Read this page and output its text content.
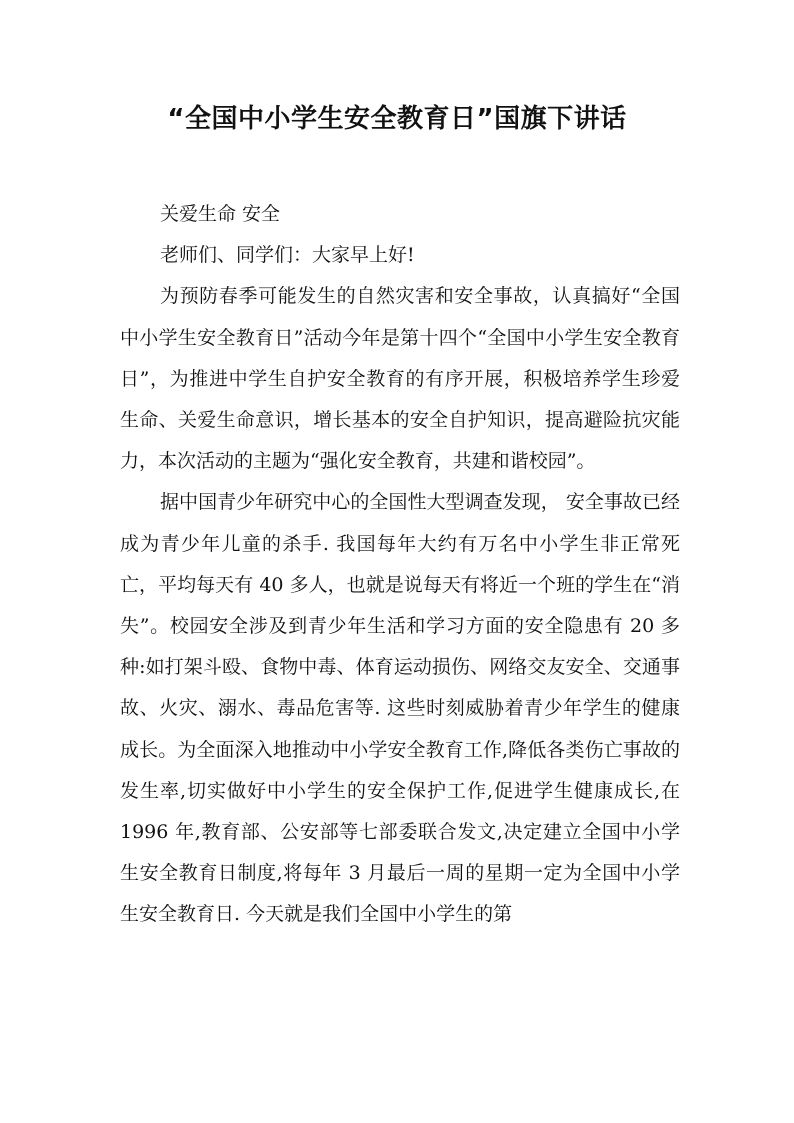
“全国中小学生安全教育日”国旗下讲话

关爱生命 安全

老师们、同学们：大家早上好!

为预防春季可能发生的自然灾害和安全事故，认真搞好“全国中小学生安全教育日”活动今年是第十四个“全国中小学生安全教育日”，为推进中学生自护安全教育的有序开展，积极培养学生珍爱生命、关爱生命意识，增长基本的安全自护知识，提高避险抗灾能力，本次活动的主题为“强化安全教育，共建和谐校园”。

据中国青少年研究中心的全国性大型调查发现， 安全事故已经成为青少年儿童的杀手. 我国每年大约有万名中小学生非正常死亡，平均每天有 40 多人，也就是说每天有将近一个班的学生在“消失”。校园安全涉及到青少年生活和学习方面的安全隐患有 20 多种:如打架斗殴、食物中毒、体育运动损伤、网络交友安全、交通事故、火灾、溺水、毒品危害等. 这些时刻威胁着青少年学生的健康成长。为全面深入地推动中小学安全教育工作,降低各类伤亡事故的发生率,切实做好中小学生的安全保护工作,促进学生健康成长,在 1996 年,教育部、公安部等七部委联合发文,决定建立全国中小学生安全教育日制度,将每年 3 月最后一周的星期一定为全国中小学生安全教育日. 今天就是我们全国中小学生的第
